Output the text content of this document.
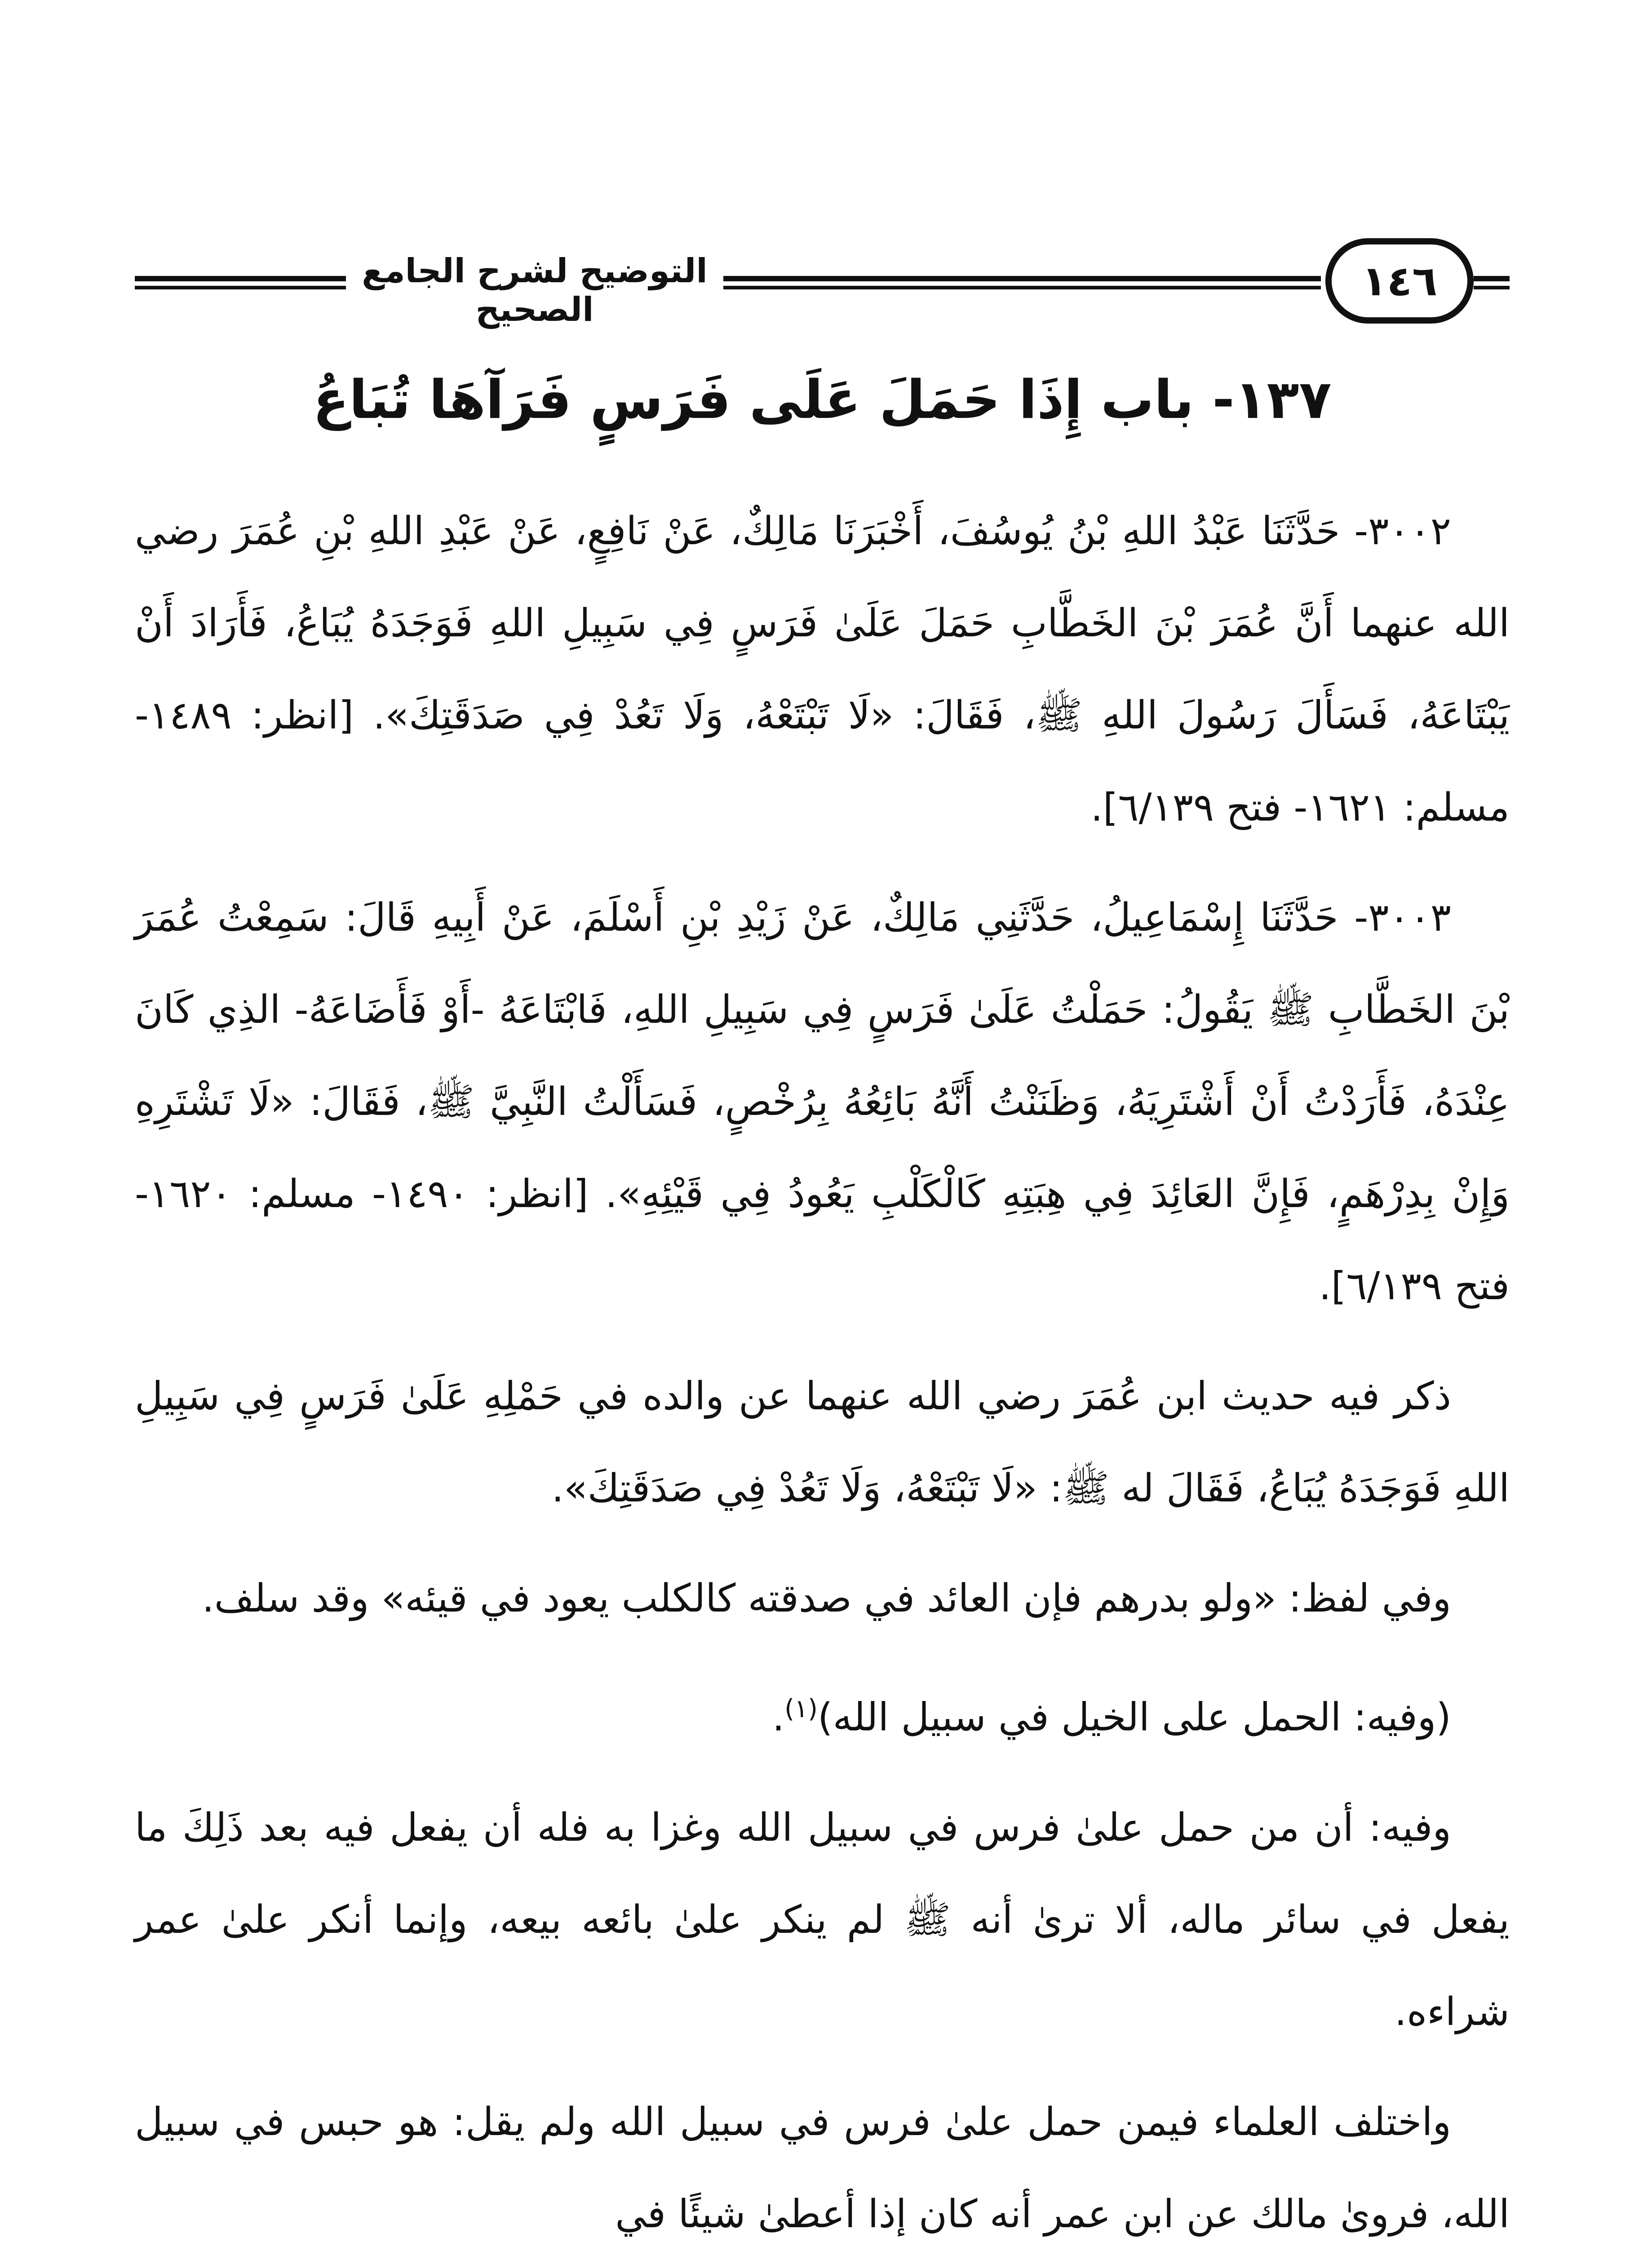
التوضيح لشرح الجامع الصحيح
١٤٦
١٣٧- باب إِذَا حَمَلَ عَلَى فَرَسٍ فَرَآهَا تُبَاعُ

٣٠٠٢- حَدَّثَنَا عَبْدُ اللهِ بْنُ يُوسُفَ، أَخْبَرَنَا مَالِكٌ، عَنْ نَافِعٍ، عَنْ عَبْدِ اللهِ بْنِ عُمَرَ رضي الله عنهما أَنَّ عُمَرَ بْنَ الخَطَّابِ حَمَلَ عَلَىٰ فَرَسٍ فِي سَبِيلِ اللهِ فَوَجَدَهُ يُبَاعُ، فَأَرَادَ أَنْ يَبْتَاعَهُ، فَسَأَلَ رَسُولَ اللهِ ﷺ، فَقَالَ: «لَا تَبْتَعْهُ، وَلَا تَعُدْ فِي صَدَقَتِكَ». [انظر: ١٤٨٩- مسلم: ١٦٢١- فتح ٦/١٣٩].

٣٠٠٣- حَدَّثَنَا إِسْمَاعِيلُ، حَدَّثَنِي مَالِكٌ، عَنْ زَيْدِ بْنِ أَسْلَمَ، عَنْ أَبِيهِ قَالَ: سَمِعْتُ عُمَرَ بْنَ الخَطَّابِ ﷺ يَقُولُ: حَمَلْتُ عَلَىٰ فَرَسٍ فِي سَبِيلِ اللهِ، فَابْتَاعَهُ -أَوْ فَأَضَاعَهُ- الذِي كَانَ عِنْدَهُ، فَأَرَدْتُ أَنْ أَشْتَرِيَهُ، وَظَنَنْتُ أَنَّهُ بَائِعُهُ بِرُخْصٍ، فَسَأَلْتُ النَّبِيَّ ﷺ، فَقَالَ: «لَا تَشْتَرِهِ وَإِنْ بِدِرْهَمٍ، فَإِنَّ العَائِدَ فِي هِبَتِهِ كَالْكَلْبِ يَعُودُ فِي قَيْئِهِ». [انظر: ١٤٩٠- مسلم: ١٦٢٠- فتح ٦/١٣٩].

ذكر فيه حديث ابن عُمَرَ رضي الله عنهما عن والده في حَمْلِهِ عَلَىٰ فَرَسٍ فِي سَبِيلِ اللهِ فَوَجَدَهُ يُبَاعُ، فَقَالَ له ﷺ: «لَا تَبْتَعْهُ، وَلَا تَعُدْ فِي صَدَقَتِكَ».

وفي لفظ: «ولو بدرهم فإن العائد في صدقته كالكلب يعود في قيئه» وقد سلف.

(وفيه: الحمل على الخيل في سبيل الله)$^{(١)}$.

وفيه: أن من حمل علىٰ فرس في سبيل الله وغزا به فله أن يفعل فيه بعد ذَلِكَ ما يفعل في سائر ماله، ألا ترىٰ أنه ﷺ لم ينكر علىٰ بائعه بيعه، وإنما أنكر علىٰ عمر شراءه.

واختلف العلماء فيمن حمل علىٰ فرس في سبيل الله ولم يقل: هو حبس في سبيل الله، فروىٰ مالك عن ابن عمر أنه كان إذا أعطىٰ شيئًا في
